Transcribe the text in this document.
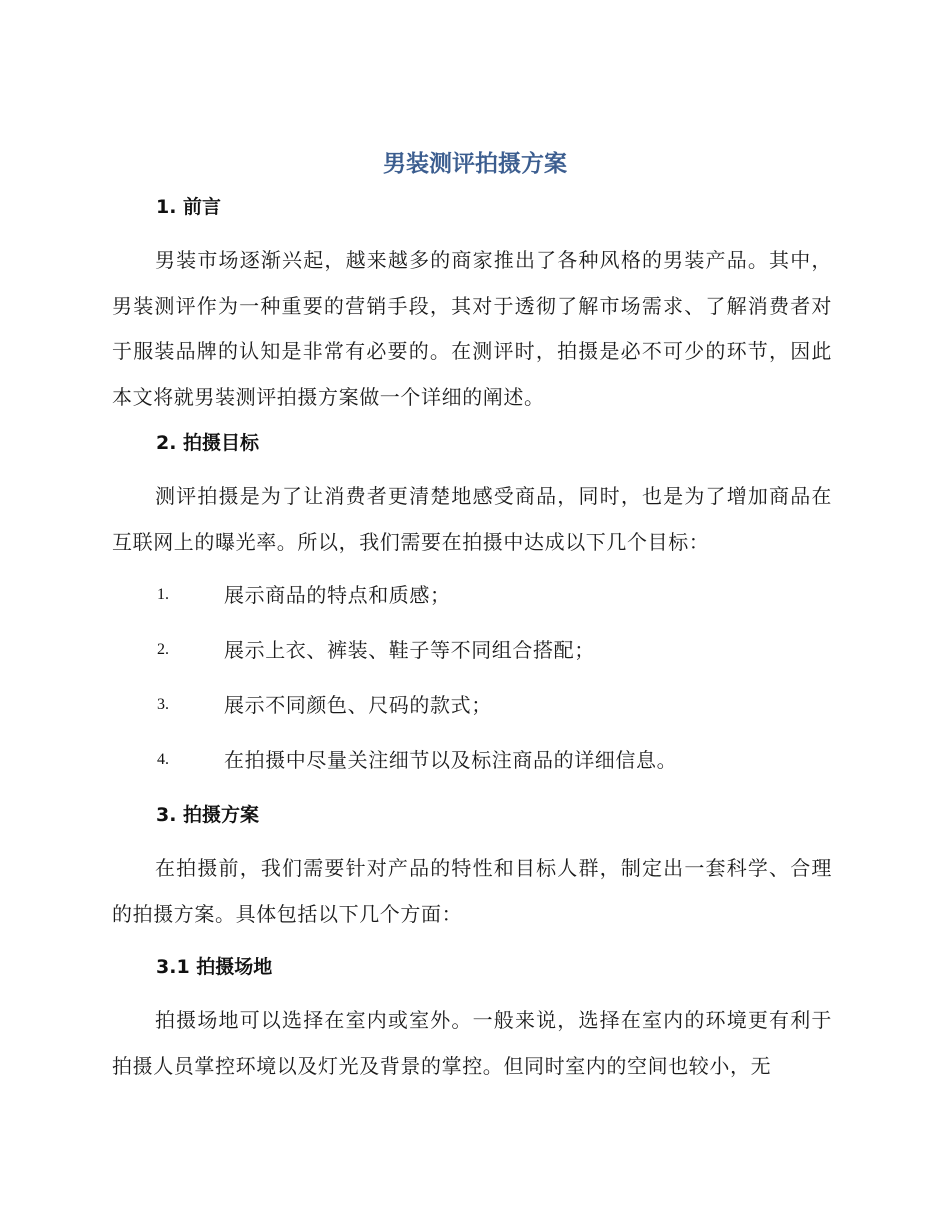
男装测评拍摄方案
1. 前言
男装市场逐渐兴起，越来越多的商家推出了各种风格的男装产品。其中，男装测评作为一种重要的营销手段，其对于透彻了解市场需求、了解消费者对于服装品牌的认知是非常有必要的。在测评时，拍摄是必不可少的环节，因此本文将就男装测评拍摄方案做一个详细的阐述。
2. 拍摄目标
测评拍摄是为了让消费者更清楚地感受商品，同时，也是为了增加商品在互联网上的曝光率。所以，我们需要在拍摄中达成以下几个目标：
1.	展示商品的特点和质感；
2.	展示上衣、裤装、鞋子等不同组合搭配；
3.	展示不同颜色、尺码的款式；
4.	在拍摄中尽量关注细节以及标注商品的详细信息。
3. 拍摄方案
在拍摄前，我们需要针对产品的特性和目标人群，制定出一套科学、合理的拍摄方案。具体包括以下几个方面：
3.1 拍摄场地
拍摄场地可以选择在室内或室外。一般来说，选择在室内的环境更有利于拍摄人员掌控环境以及灯光及背景的掌控。但同时室内的空间也较小，无
